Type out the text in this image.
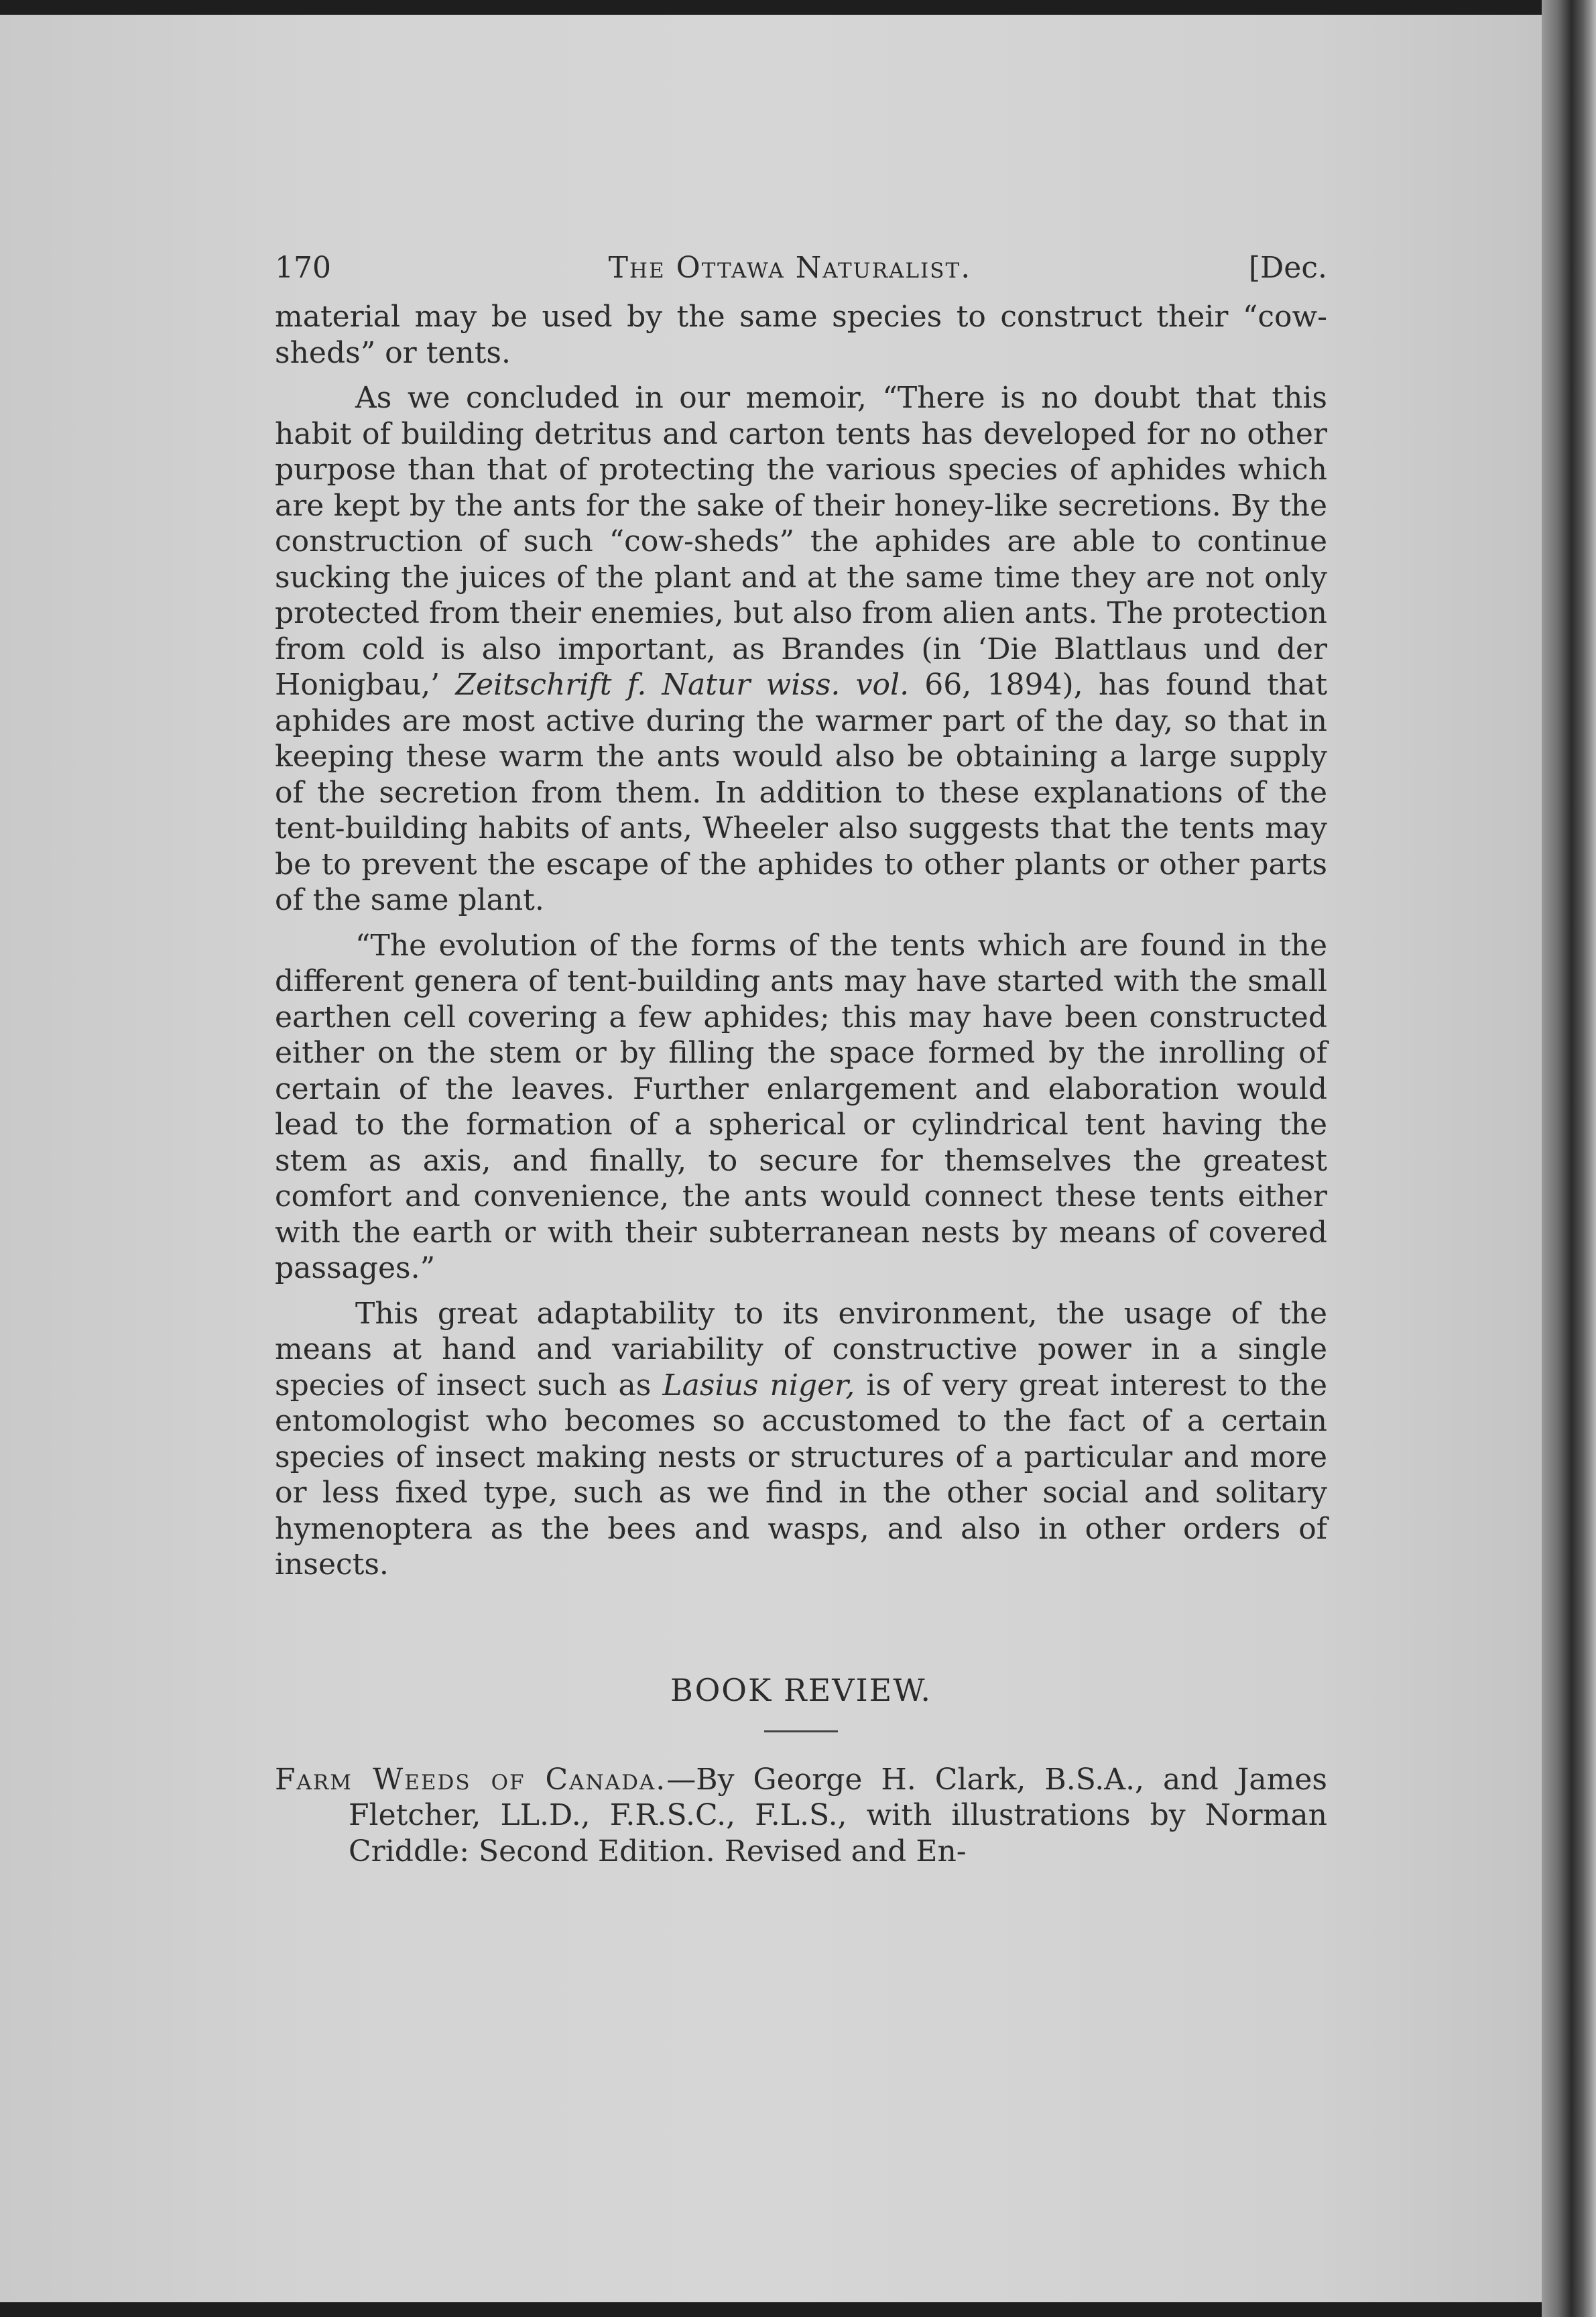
170	The Ottawa Naturalist.	[Dec.

material may be used by the same species to construct their “cow-sheds” or tents.

As we concluded in our memoir, “There is no doubt that this habit of building detritus and carton tents has developed for no other purpose than that of protecting the various species of aphides which are kept by the ants for the sake of their honey-like secretions. By the construction of such “cow-sheds” the aphides are able to continue sucking the juices of the plant and at the same time they are not only protected from their enemies, but also from alien ants. The protection from cold is also important, as Brandes (in ‘Die Blattlaus und der Honigbau,’ Zeitschrift f. Natur wiss. vol. 66, 1894), has found that aphides are most active during the warmer part of the day, so that in keeping these warm the ants would also be obtaining a large supply of the secretion from them. In addition to these explanations of the tent-building habits of ants, Wheeler also suggests that the tents may be to prevent the escape of the aphides to other plants or other parts of the same plant.

“The evolution of the forms of the tents which are found in the different genera of tent-building ants may have started with the small earthen cell covering a few aphides; this may have been constructed either on the stem or by filling the space formed by the inrolling of certain of the leaves. Further enlargement and elaboration would lead to the formation of a spherical or cylindrical tent having the stem as axis, and finally, to secure for themselves the greatest comfort and convenience, the ants would connect these tents either with the earth or with their subterranean nests by means of covered passages.”

This great adaptability to its environment, the usage of the means at hand and variability of constructive power in a single species of insect such as Lasius niger, is of very great interest to the entomologist who becomes so accustomed to the fact of a certain species of insect making nests or structures of a particular and more or less fixed type, such as we find in the other social and solitary hymenoptera as the bees and wasps, and also in other orders of insects.

BOOK REVIEW.

Farm Weeds of Canada.—By George H. Clark, B.S.A., and James Fletcher, LL.D., F.R.S.C., F.L.S., with illustrations by Norman Criddle: Second Edition. Revised and En-
